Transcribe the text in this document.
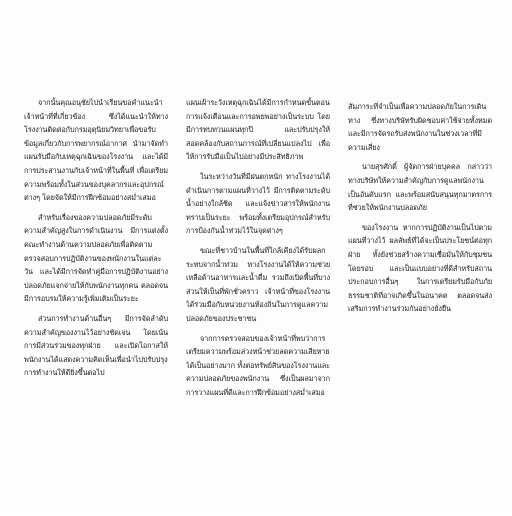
จากนั้นคุณอนุชัยไปนำเรียนขอคำแนะนำเจ้าหน้าที่ที่เกี่ยวข้อง ซึ่งได้แนะนำให้ทางโรงงานติดต่อกับกรมอุตุนิยมวิทยาเพื่อขอรับข้อมูลเกี่ยวกับการพยากรณ์อากาศ นำมาจัดทำแผนรับมือกับเหตุฉุกเฉินของโรงงาน และได้มีการประสานงานกับเจ้าหน้าที่ในพื้นที่ เพื่อเตรียมความพร้อมทั้งในส่วนของบุคลากรและอุปกรณ์ต่างๆ โดยจัดให้มีการฝึกซ้อมอย่างสม่ำเสมอ

สำหรับเรื่องของความปลอดภัยมีระดับความสำคัญสูงในการดำเนินงาน มีการแต่งตั้งคณะทำงานด้านความปลอดภัยเพื่อติดตามตรวจสอบการปฏิบัติงานของพนักงานในแต่ละวัน และได้มีการจัดทำคู่มือการปฏิบัติงานอย่างปลอดภัยแจกจ่ายให้กับพนักงานทุกคน ตลอดจนมีการอบรมให้ความรู้เพิ่มเติมเป็นระยะ

ส่วนการทำงานด้านอื่นๆ มีการจัดลำดับความสำคัญของงานไว้อย่างชัดเจน โดยเน้นการมีส่วนร่วมของทุกฝ่าย และเปิดโอกาสให้พนักงานได้แสดงความคิดเห็นเพื่อนำไปปรับปรุงการทำงานให้ดียิ่งขึ้นต่อไป

แผนเฝ้าระวังเหตุฉุกเฉินได้มีการกำหนดขั้นตอนการแจ้งเตือนและการอพยพอย่างเป็นระบบ โดยมีการทบทวนแผนทุกปี และปรับปรุงให้สอดคล้องกับสถานการณ์ที่เปลี่ยนแปลงไป เพื่อให้การรับมือเป็นไปอย่างมีประสิทธิภาพ

ในระหว่างวันที่มีฝนตกหนัก ทางโรงงานได้ดำเนินการตามแผนที่วางไว้ มีการติดตามระดับน้ำอย่างใกล้ชิด และแจ้งข่าวสารให้พนักงานทราบเป็นระยะ พร้อมทั้งเตรียมอุปกรณ์สำหรับการป้องกันน้ำท่วมไว้ในจุดต่างๆ

ขณะที่ชาวบ้านในพื้นที่ใกล้เคียงได้รับผลกระทบจากน้ำท่วม ทางโรงงานได้ให้ความช่วยเหลือด้านอาหารและน้ำดื่ม รวมถึงเปิดพื้นที่บางส่วนให้เป็นที่พักชั่วคราว เจ้าหน้าที่ของโรงงานได้ร่วมมือกับหน่วยงานท้องถิ่นในการดูแลความปลอดภัยของประชาชน

จากการตรวจสอบของเจ้าหน้าที่พบว่าการเตรียมความพร้อมล่วงหน้าช่วยลดความเสียหายได้เป็นอย่างมาก ทั้งต่อทรัพย์สินของโรงงานและความปลอดภัยของพนักงาน ซึ่งเป็นผลมาจากการวางแผนที่ดีและการฝึกซ้อมอย่างสม่ำเสมอ

สัมภาระที่จำเป็นเพื่อความปลอดภัยในการเดินทาง ซึ่งทางบริษัทรับผิดชอบค่าใช้จ่ายทั้งหมด และมีการจัดรถรับส่งพนักงานในช่วงเวลาที่มีความเสี่ยง

นายสุรศักดิ์ ผู้จัดการฝ่ายบุคคล กล่าวว่า ทางบริษัทให้ความสำคัญกับการดูแลพนักงานเป็นอันดับแรก และพร้อมสนับสนุนทุกมาตรการที่ช่วยให้พนักงานปลอดภัย

ของโรงงาน หากการปฏิบัติงานเป็นไปตามแผนที่วางไว้ ผลลัพธ์ที่ได้จะเป็นประโยชน์ต่อทุกฝ่าย ทั้งยังช่วยสร้างความเชื่อมั่นให้กับชุมชนโดยรอบ และเป็นแบบอย่างที่ดีสำหรับสถานประกอบการอื่นๆ ในการเตรียมรับมือกับภัยธรรมชาติที่อาจเกิดขึ้นในอนาคต ตลอดจนส่งเสริมการทำงานร่วมกันอย่างยั่งยืน
